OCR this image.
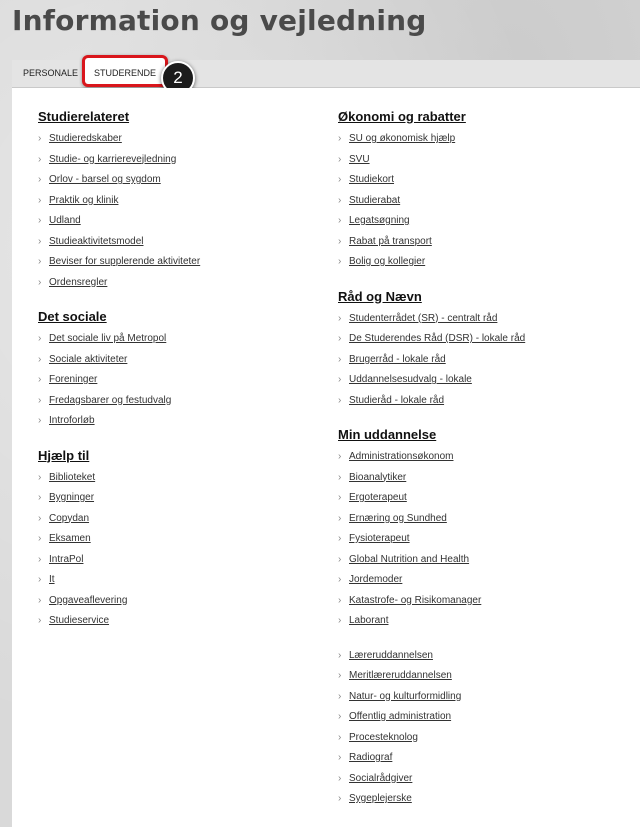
Information og vejledning
PERSONALE	STUDERENDE	2
Studierelateret
› Studieredskaber
› Studie- og karrierevejledning
› Orlov - barsel og sygdom
› Praktik og klinik
› Udland
› Studieaktivitetsmodel
› Beviser for supplerende aktiviteter
› Ordensregler
Det sociale
› Det sociale liv på Metropol
› Sociale aktiviteter
› Foreninger
› Fredagsbarer og festudvalg
› Introforløb
Hjælp til
› Biblioteket
› Bygninger
› Copydan
› Eksamen
› IntraPol
› It
› Opgaveaflevering
› Studieservice
Økonomi og rabatter
› SU og økonomisk hjælp
› SVU
› Studiekort
› Studierabat
› Legatsøgning
› Rabat på transport
› Bolig og kollegier
Råd og Nævn
› Studenterrådet (SR) - centralt råd
› De Studerendes Råd (DSR) - lokale råd
› Brugerråd - lokale råd
› Uddannelsesudvalg - lokale
› Studieråd - lokale råd
Min uddannelse
› Administrationsøkonom
› Bioanalytiker
› Ergoterapeut
› Ernæring og Sundhed
› Fysioterapeut
› Global Nutrition and Health
› Jordemoder
› Katastrofe- og Risikomanager
› Laborant
› Læreruddannelsen
› Meritlæreruddannelsen
› Natur- og kulturformidling
› Offentlig administration
› Procesteknolog
› Radiograf
› Socialrådgiver
› Sygeplejerske
